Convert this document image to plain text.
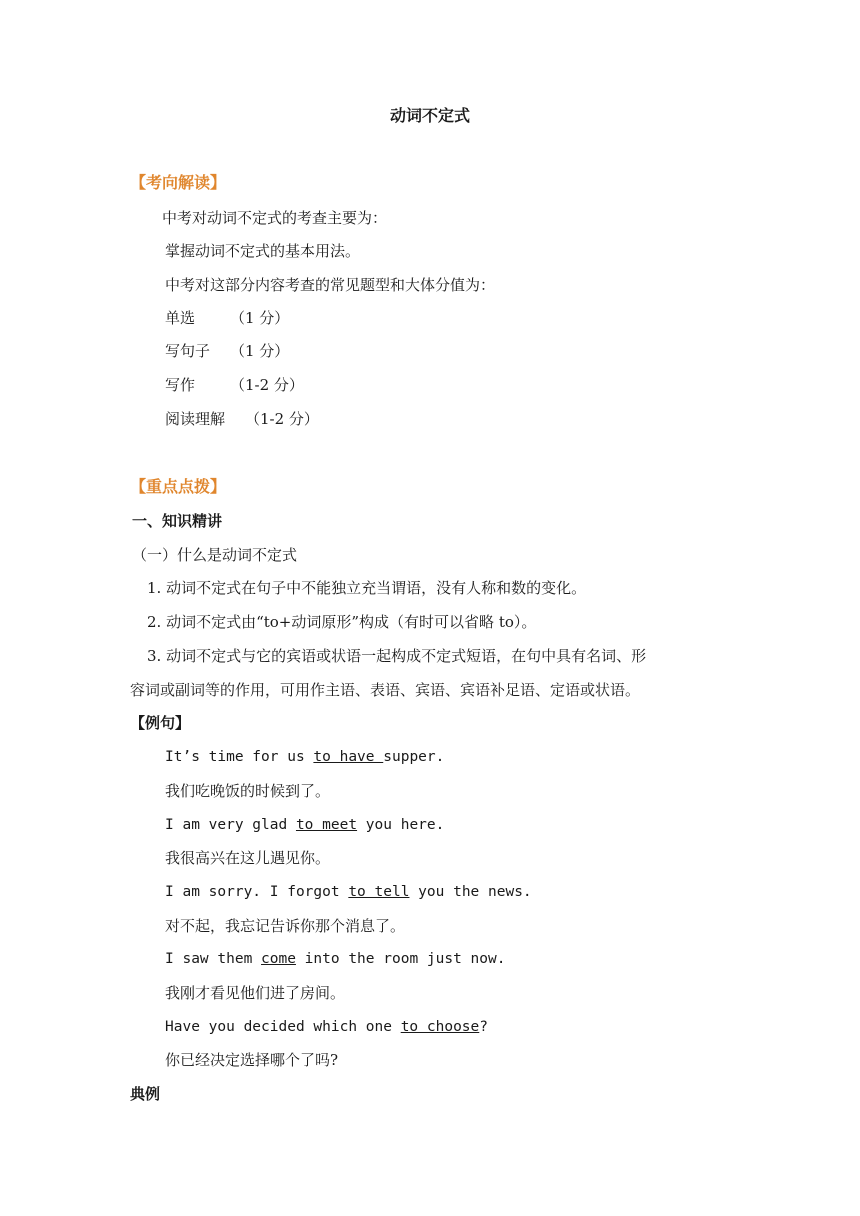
动词不定式
【考向解读】
中考对动词不定式的考查主要为：
掌握动词不定式的基本用法。
中考对这部分内容考查的常见题型和大体分值为：
单选 （1 分）
写句子 （1 分）
写作 （1-2 分）
阅读理解 （1-2 分）
【重点点拨】
一、知识精讲
（一）什么是动词不定式
1. 动词不定式在句子中不能独立充当谓语，没有人称和数的变化。
2. 动词不定式由“to+动词原形”构成（有时可以省略 to）。
3. 动词不定式与它的宾语或状语一起构成不定式短语，在句中具有名词、形
容词或副词等的作用，可用作主语、表语、宾语、宾语补足语、定语或状语。
【例句】
It’s time for us to have supper.
我们吃晚饭的时候到了。
I am very glad to meet you here.
我很高兴在这儿遇见你。
I am sorry. I forgot to tell you the news.
对不起，我忘记告诉你那个消息了。
I saw them come into the room just now.
我刚才看见他们进了房间。
Have you decided which one to choose?
你已经决定选择哪个了吗?
典例
